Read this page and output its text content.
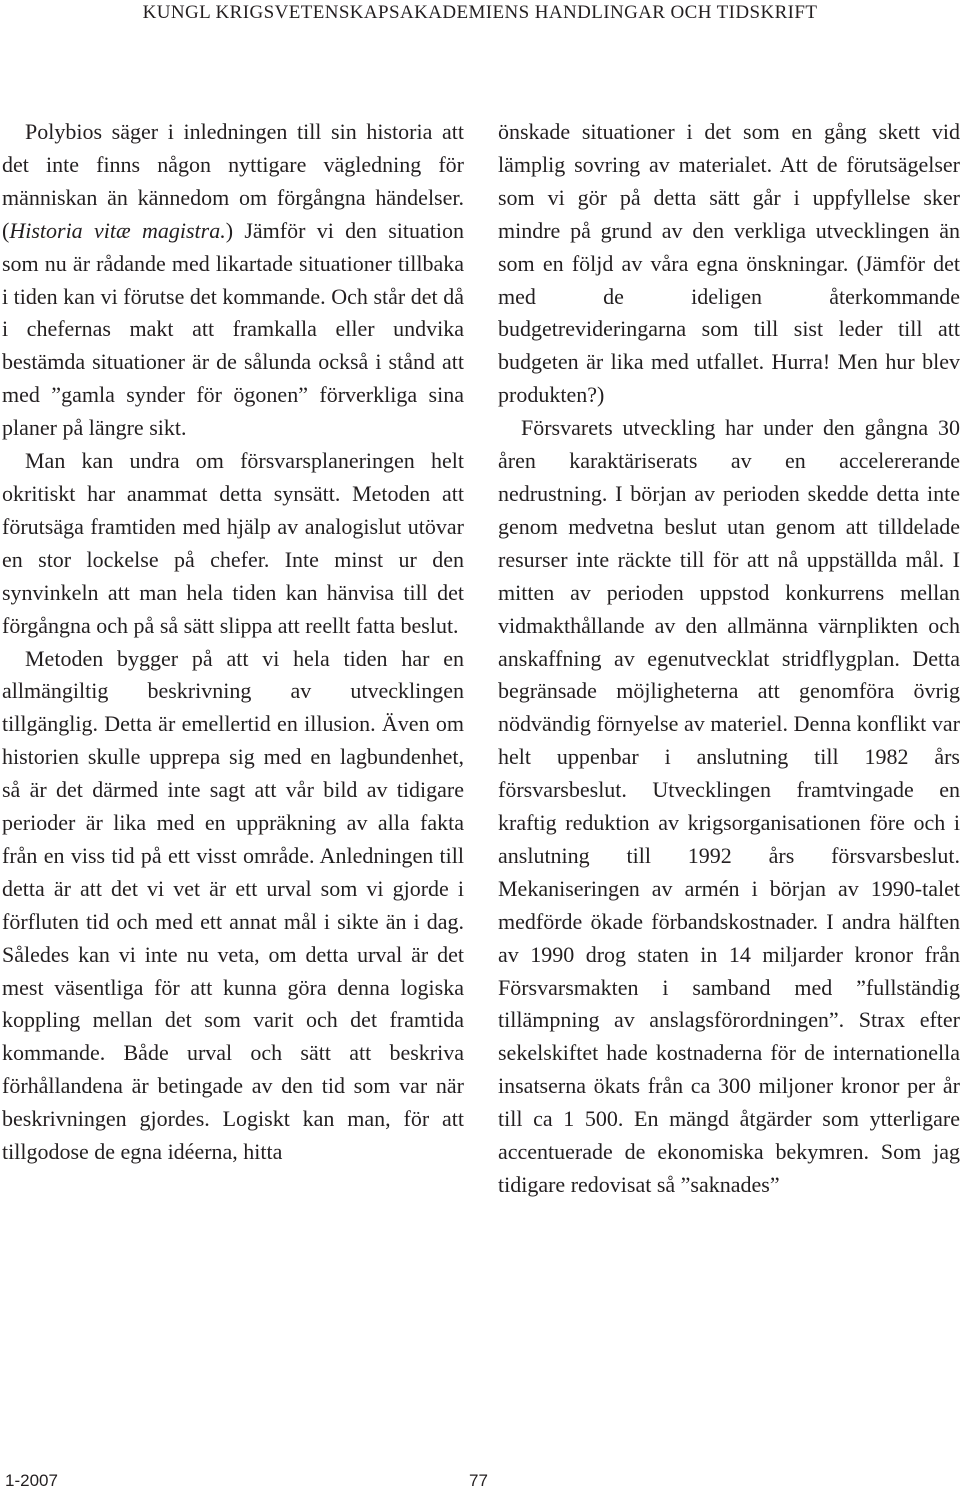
KUNGL KRIGSVETENSKAPSAKADEMIENS HANDLINGAR OCH TIDSKRIFT

Polybios säger i inledningen till sin historia att det inte finns någon nyttigare vägledning för människan än kännedom om förgångna händelser. (Historia vitæ magistra.) Jämför vi den situation som nu är rådande med likartade situationer tillbaka i tiden kan vi förutse det kommande. Och står det då i chefernas makt att framkalla eller undvika bestämda situationer är de sålunda också i stånd att med ”gamla synder för ögonen” förverkliga sina planer på längre sikt.

Man kan undra om försvarsplaneringen helt okritiskt har anammat detta synsätt. Metoden att förutsäga framtiden med hjälp av analogislut utövar en stor lockelse på chefer. Inte minst ur den synvinkeln att man hela tiden kan hänvisa till det förgångna och på så sätt slippa att reellt fatta beslut.

Metoden bygger på att vi hela tiden har en allmängiltig beskrivning av utvecklingen tillgänglig. Detta är emellertid en illusion. Även om historien skulle upprepa sig med en lagbundenhet, så är det därmed inte sagt att vår bild av tidigare perioder är lika med en uppräkning av alla fakta från en viss tid på ett visst område. Anledningen till detta är att det vi vet är ett urval som vi gjorde i förfluten tid och med ett annat mål i sikte än i dag. Således kan vi inte nu veta, om detta urval är det mest väsentliga för att kunna göra denna logiska koppling mellan det som varit och det framtida kommande. Både urval och sätt att beskriva förhållandena är betingade av den tid som var när beskrivningen gjordes. Logiskt kan man, för att tillgodose de egna idéerna, hitta

önskade situationer i det som en gång skett vid lämplig sovring av materialet. Att de förutsägelser som vi gör på detta sätt går i uppfyllelse sker mindre på grund av den verkliga utvecklingen än som en följd av våra egna önskningar. (Jämför det med de ideligen återkommande budgetrevideringarna som till sist leder till att budgeten är lika med utfallet. Hurra! Men hur blev produkten?)

Försvarets utveckling har under den gångna 30 åren karaktäriserats av en accelererande nedrustning. I början av perioden skedde detta inte genom medvetna beslut utan genom att tilldelade resurser inte räckte till för att nå uppställda mål. I mitten av perioden uppstod konkurrens mellan vidmakthållande av den allmänna värnplikten och anskaffning av egenutvecklat stridflygplan. Detta begränsade möjligheterna att genomföra övrig nödvändig förnyelse av materiel. Denna konflikt var helt uppenbar i anslutning till 1982 års försvarsbeslut. Utvecklingen framtvingade en kraftig reduktion av krigsorganisationen före och i anslutning till 1992 års försvarsbeslut. Mekaniseringen av armén i början av 1990-talet medförde ökade förbandskostnader. I andra hälften av 1990 drog staten in 14 miljarder kronor från Försvarsmakten i samband med ”fullständig tillämpning av anslagsförordningen”. Strax efter sekelskiftet hade kostnaderna för de internationella insatserna ökats från ca 300 miljoner kronor per år till ca 1 500. En mängd åtgärder som ytterligare accentuerade de ekonomiska bekymren. Som jag tidigare redovisat så ”saknades”

1-2007	77
